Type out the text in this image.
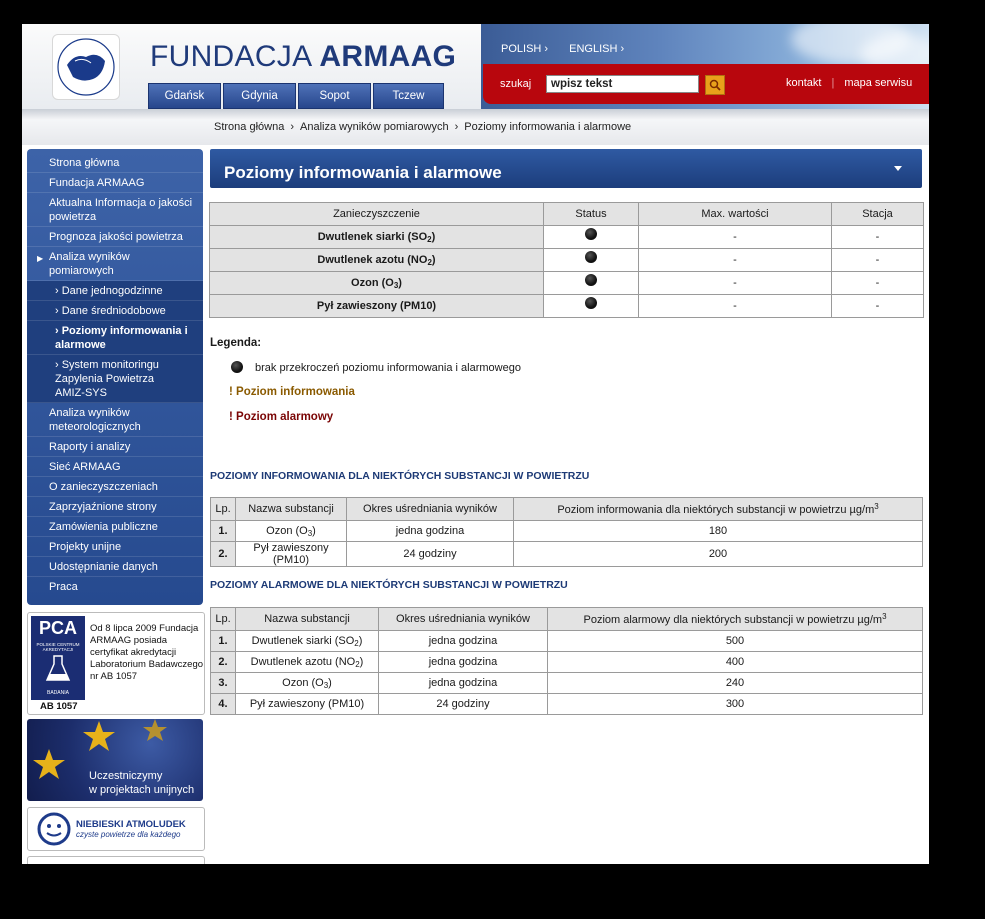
FUNDACJA ARMAAG
Gdańsk	Gdynia	Sopot	Tczew
POLISH › ENGLISH ›
szukaj
wpisz tekst	kontakt | mapa serwisu
Strona główna › Analiza wyników pomiarowych › Poziomy informowania i alarmowe
Strona główna
Fundacja ARMAAG
Aktualna Informacja o jakości powietrza
Prognoza jakości powietrza
▶ Analiza wyników pomiarowych
› Dane jednogodzinne
› Dane średniodobowe
› Poziomy informowania i alarmowe
› System monitoringu Zapylenia Powietrza AMIZ-SYS
Analiza wyników meteorologicznych
Raporty i analizy
Sieć ARMAAG
O zanieczyszczeniach
Zaprzyjaźnione strony
Zamówienia publiczne
Projekty unijne
Udostępnianie danych
Praca
PCA
POLSKIE CENTRUM AKREDYTACJI
BADANIA
Od 8 lipca 2009 Fundacja ARMAAG posiada certyfikat akredytacji Laboratorium Badawczego nr AB 1057
AB 1057
Uczestniczymy
w projektach unijnych
NIEBIESKI ATMOLUDEK
czyste powietrze dla każdego
Poziomy informowania i alarmowe
Zanieczyszczenie	Status	Max. wartości	Stacja
Dwutlenek siarki $(SO_2)$		-	-
Dwutlenek azotu $(NO_2)$		-	-
Ozon $(O_3)$		-	-
Pył zawieszony (PM10)		-	-
Legenda:
brak przekroczeń poziomu informowania i alarmowego
! Poziom informowania
! Poziom alarmowy
POZIOMY INFORMOWANIA DLA NIEKTÓRYCH SUBSTANCJI W POWIETRZU
Lp.	Nazwa substancji	Okres uśredniania wyników	Poziom informowania dla niektórych substancji w powietrzu $\mu g/m^3$
1.	Ozon $(O_3)$	jedna godzina	180
2.	Pył zawieszony (PM10)	24 godziny	200
POZIOMY ALARMOWE DLA NIEKTÓRYCH SUBSTANCJI W POWIETRZU
Lp.	Nazwa substancji	Okres uśredniania wyników	Poziom alarmowy dla niektórych substancji w powietrzu $\mu g/m^3$
1.	Dwutlenek siarki $(SO_2)$	jedna godzina	500
2.	Dwutlenek azotu $(NO_2)$	jedna godzina	400
3.	Ozon $(O_3)$	jedna godzina	240
4.	Pył zawieszony (PM10)	24 godziny	300
